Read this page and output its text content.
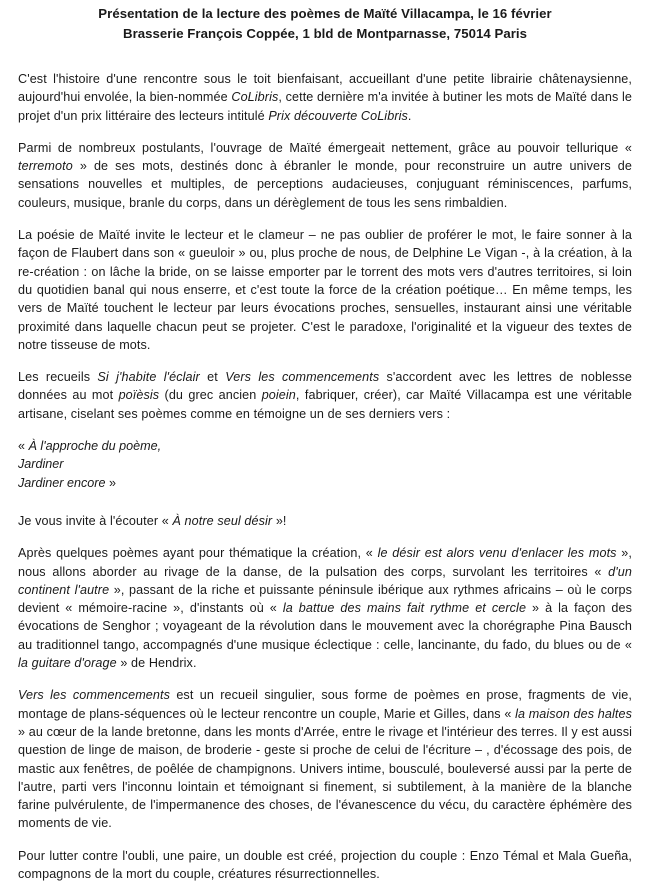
Présentation de la lecture des poèmes de Maïté Villacampa, le 16 février
Brasserie François Coppée, 1 bld de Montparnasse, 75014 Paris

C'est l'histoire d'une rencontre sous le toit bienfaisant, accueillant d'une petite librairie châtenaysienne, aujourd'hui envolée, la bien-nommée CoLibris, cette dernière m'a invitée à butiner les mots de Maïté dans le projet d'un prix littéraire des lecteurs intitulé Prix découverte CoLibris.

Parmi de nombreux postulants, l'ouvrage de Maïté émergeait nettement, grâce au pouvoir tellurique « terremoto » de ses mots, destinés donc à ébranler le monde, pour reconstruire un autre univers de sensations nouvelles et multiples, de perceptions audacieuses, conjuguant réminiscences, parfums, couleurs, musique, branle du corps, dans un dérèglement de tous les sens rimbaldien.

La poésie de Maïté invite le lecteur et le clameur – ne pas oublier de proférer le mot, le faire sonner à la façon de Flaubert dans son « gueuloir » ou, plus proche de nous, de Delphine Le Vigan -, à la création, à la re-création : on lâche la bride, on se laisse emporter par le torrent des mots vers d'autres territoires, si loin du quotidien banal qui nous enserre, et c'est toute la force de la création poétique… En même temps, les vers de Maïté touchent le lecteur par leurs évocations proches, sensuelles, instaurant ainsi une véritable proximité dans laquelle chacun peut se projeter. C'est le paradoxe, l'originalité et la vigueur des textes de notre tisseuse de mots.

Les recueils Si j'habite l'éclair et Vers les commencements s'accordent avec les lettres de noblesse données au mot poïèsis (du grec ancien poiein, fabriquer, créer), car Maïté Villacampa est une véritable artisane, ciselant ses poèmes comme en témoigne un de ses derniers vers :

« À l'approche du poème,
Jardiner
Jardiner encore »

Je vous invite à l'écouter « À notre seul désir »!

Après quelques poèmes ayant pour thématique la création, « le désir est alors venu d'enlacer les mots », nous allons aborder au rivage de la danse, de la pulsation des corps, survolant les territoires « d'un continent l'autre », passant de la riche et puissante péninsule ibérique aux rythmes africains – où le corps devient « mémoire-racine », d'instants où « la battue des mains fait rythme et cercle » à la façon des évocations de Senghor ; voyageant de la révolution dans le mouvement avec la chorégraphe Pina Bausch au traditionnel tango, accompagnés d'une musique éclectique : celle, lancinante, du fado, du blues ou de « la guitare d'orage » de Hendrix.

Vers les commencements est un recueil singulier, sous forme de poèmes en prose, fragments de vie, montage de plans-séquences où le lecteur rencontre un couple, Marie et Gilles, dans « la maison des haltes » au cœur de la lande bretonne, dans les monts d'Arrée, entre le rivage et l'intérieur des terres. Il y est aussi question de linge de maison, de broderie - geste si proche de celui de l'écriture – , d'écossage des pois, de mastic aux fenêtres, de poêlée de champignons. Univers intime, bousculé, bouleversé aussi par la perte de l'autre, parti vers l'inconnu lointain et témoignant si finement, si subtilement, à la manière de la blanche farine pulvérulente, de l'impermanence des choses, de l'évanescence du vécu, du caractère éphémère des moments de vie.

Pour lutter contre l'oubli, une paire, un double est créé, projection du couple : Enzo Témal et Mala Gueña, compagnons de la mort du couple, créatures résurrectionnelles.
